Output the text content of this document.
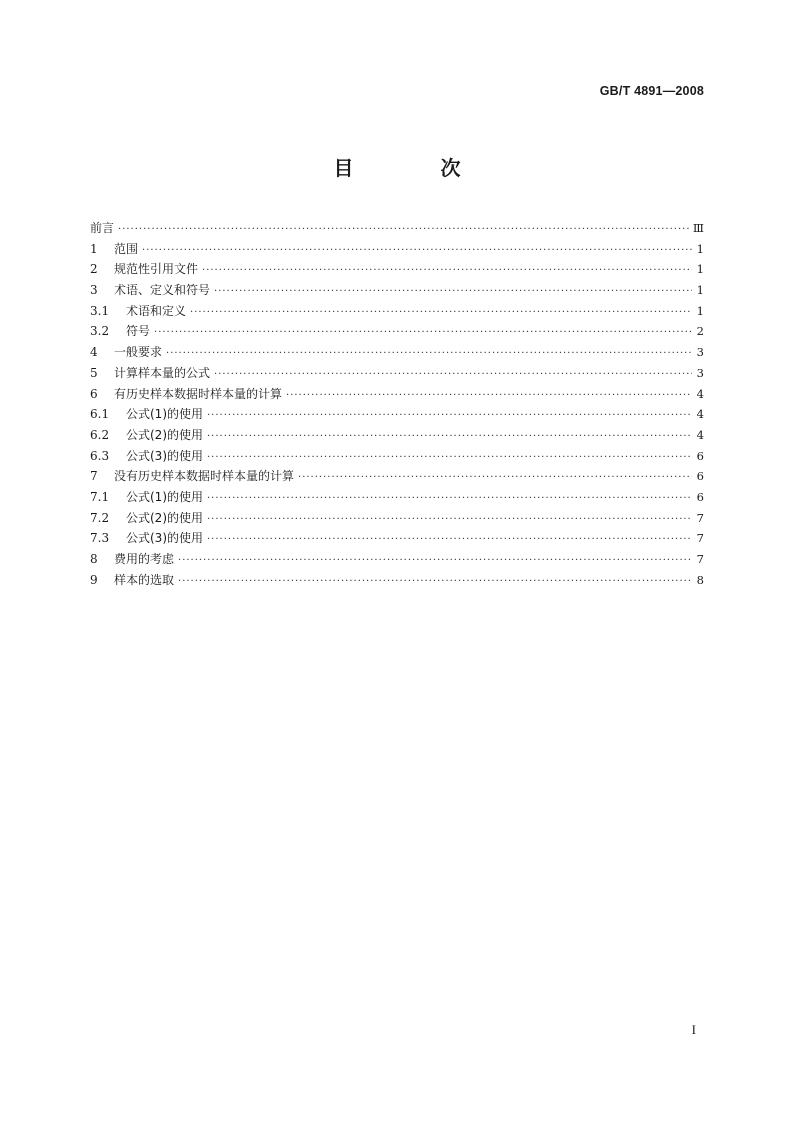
GB/T 4891—2008
目 次
前言 ·····	Ⅲ
1	范围 ·····	1
2	规范性引用文件 ·····	1
3	术语、定义和符号 ·····	1
3.1	术语和定义 ·····	1
3.2	符号 ·····	2
4	一般要求 ·····	3
5	计算样本量的公式 ·····	3
6	有历史样本数据时样本量的计算 ·····	4
6.1	公式(1)的使用 ·····	4
6.2	公式(2)的使用 ·····	4
6.3	公式(3)的使用 ·····	6
7	没有历史样本数据时样本量的计算 ·····	6
7.1	公式(1)的使用 ·····	6
7.2	公式(2)的使用 ·····	7
7.3	公式(3)的使用 ·····	7
8	费用的考虑 ·····	7
9	样本的选取 ·····	8
I
